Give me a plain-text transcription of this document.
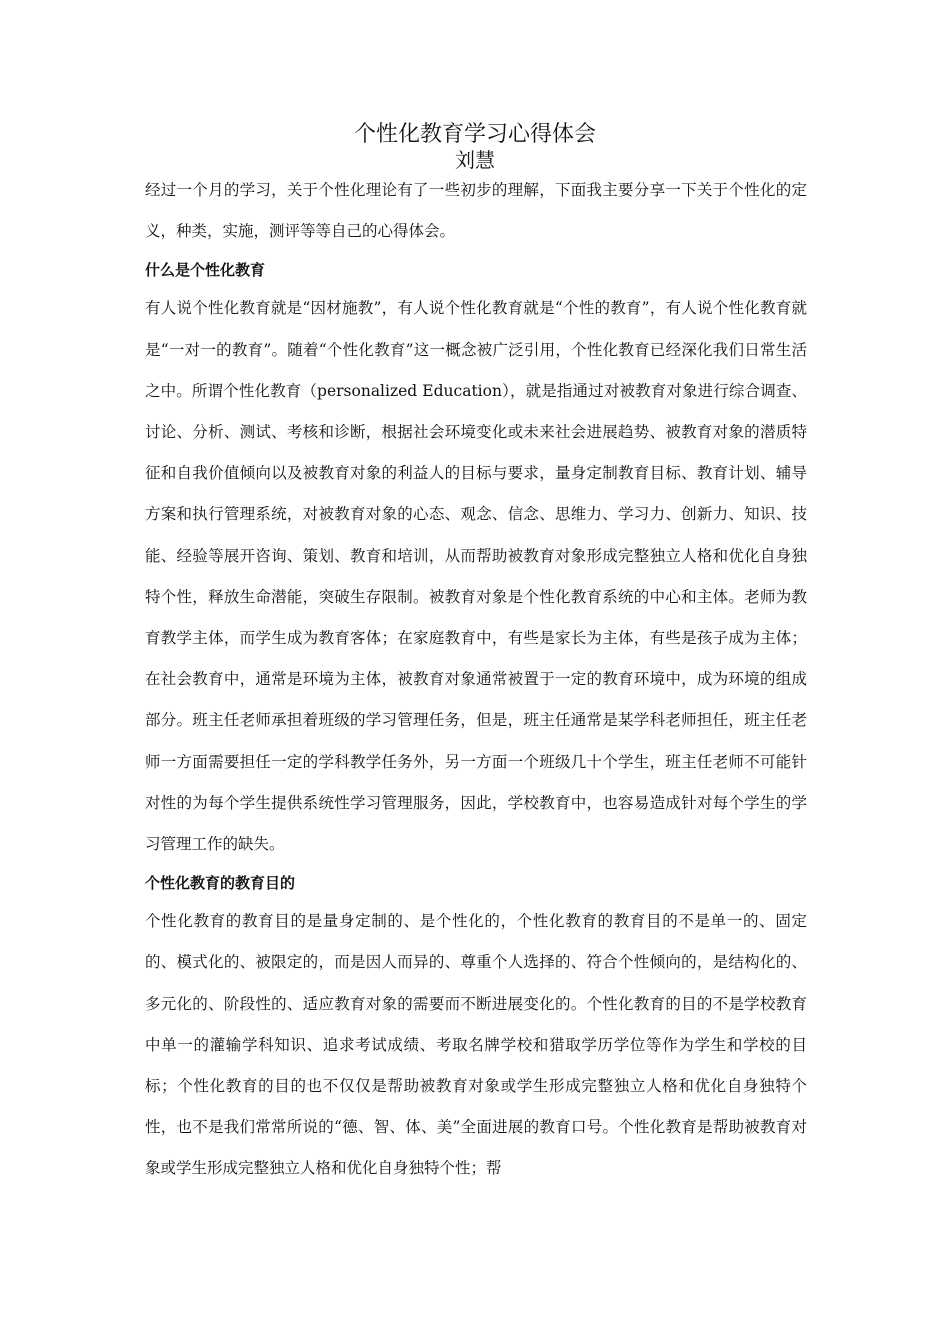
个性化教育学习心得体会
刘慧

经过一个月的学习，关于个性化理论有了一些初步的理解，下面我主要分享一下关于个性化的定义，种类，实施，测评等等自己的心得体会。

什么是个性化教育

有人说个性化教育就是“因材施教”，有人说个性化教育就是“个性的教育”，有人说个性化教育就是“一对一的教育”。随着“个性化教育”这一概念被广泛引用，个性化教育已经深化我们日常生活之中。所谓个性化教育（personalized Education），就是指通过对被教育对象进行综合调查、讨论、分析、测试、考核和诊断，根据社会环境变化或未来社会进展趋势、被教育对象的潜质特征和自我价值倾向以及被教育对象的利益人的目标与要求，量身定制教育目标、教育计划、辅导方案和执行管理系统，对被教育对象的心态、观念、信念、思维力、学习力、创新力、知识、技能、经验等展开咨询、策划、教育和培训，从而帮助被教育对象形成完整独立人格和优化自身独特个性，释放生命潜能，突破生存限制。被教育对象是个性化教育系统的中心和主体。老师为教育教学主体，而学生成为教育客体；在家庭教育中，有些是家长为主体，有些是孩子成为主体；在社会教育中，通常是环境为主体，被教育对象通常被置于一定的教育环境中，成为环境的组成部分。班主任老师承担着班级的学习管理任务，但是，班主任通常是某学科老师担任，班主任老师一方面需要担任一定的学科教学任务外，另一方面一个班级几十个学生，班主任老师不可能针对性的为每个学生提供系统性学习管理服务，因此，学校教育中，也容易造成针对每个学生的学习管理工作的缺失。

个性化教育的教育目的

个性化教育的教育目的是量身定制的、是个性化的，个性化教育的教育目的不是单一的、固定的、模式化的、被限定的，而是因人而异的、尊重个人选择的、符合个性倾向的，是结构化的、多元化的、阶段性的、适应教育对象的需要而不断进展变化的。个性化教育的目的不是学校教育中单一的灌输学科知识、追求考试成绩、考取名牌学校和猎取学历学位等作为学生和学校的目标；个性化教育的目的也不仅仅是帮助被教育对象或学生形成完整独立人格和优化自身独特个性，也不是我们常常所说的“德、智、体、美”全面进展的教育口号。个性化教育是帮助被教育对象或学生形成完整独立人格和优化自身独特个性；帮
